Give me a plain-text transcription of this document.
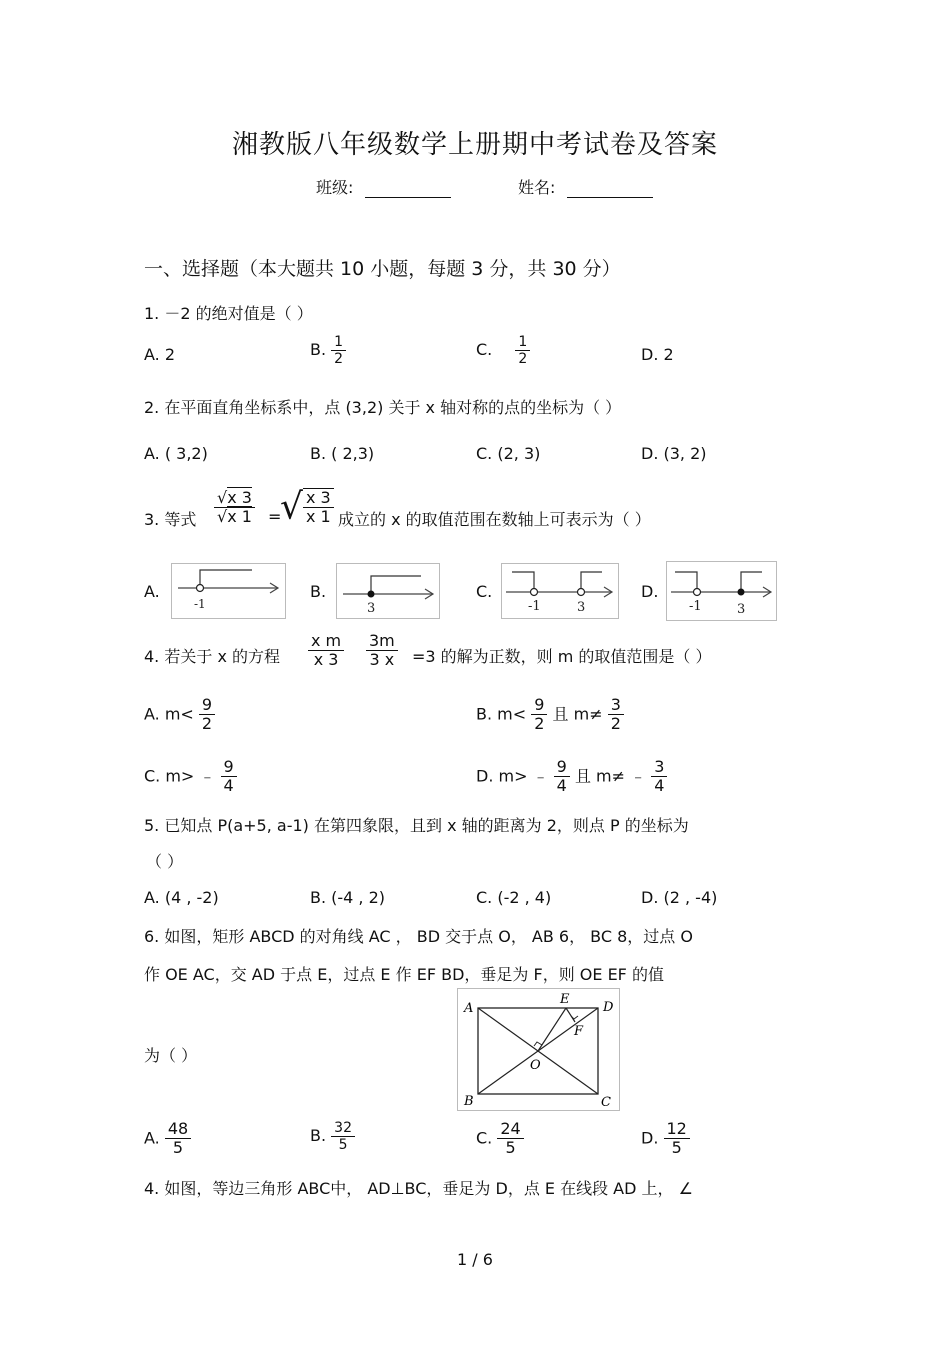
湘教版八年级数学上册期中考试卷及答案
班级:	姓名:
一、选择题（本大题共 10 小题，每题 3 分，共 30 分）
1. －2 的绝对值是（ ）
A. 2	B. $\frac{1}{2}$	C. $\frac{1}{2}$	D. 2
2. 在平面直角坐标系中，点 (3,2) 关于 x 轴对称的点的坐标为（ ）
A. ( 3,2)	B. ( 2,3)	C. (2, 3)	D. (3, 2)
3. 等式 $\frac{√x 3}{√x 1}$ =
√ $\frac{x 3}{x 1}$ 成立的 x 的取值范围在数轴上可表示为（ ）
A.
-1
B.
3
C.
-1	3
D.
-1	3
4. 若关于 x 的方程 $\frac{\text{x m}}{x 3} \frac{3m}{3 x} =3$ 的解为正数，则 m 的取值范围是（ ）
A. $m< \frac{9}{2}$	B. $m< \frac{9}{2}$ 且 $m\ne \frac{3}{2}$
C. m> ﹣ $\frac{9}{4}$	D. m> ﹣ $\frac{9}{4}$ 且 m≠ ﹣ $\frac{3}{4}$
5. 已知点 P(a+5, a-1) 在第四象限，且到 x 轴的距离为 2，则点 P 的坐标为
（ ）
A. (4 , -2)	B. (-4 , 2)	C. (-2 , 4)	D. (2 , -4)
6. 如图，矩形 ABCD 的对角线 AC ， BD 交于点 O， AB 6， BC 8，过点 O
作 OE AC，交 AD 于点 E，过点 E 作 EF BD，垂足为 F，则 OE EF 的值
为（ ）
A
B	C
D
E
F
O
A. $\frac{48}{5}$	B. $\frac{32}{5}$	C. $\frac{24}{5}$	D. $\frac{12}{5}$
4. 如图，等边三角形 ABC中， AD⊥BC，垂足为 D，点 E 在线段 AD 上， ∠
1 / 6
